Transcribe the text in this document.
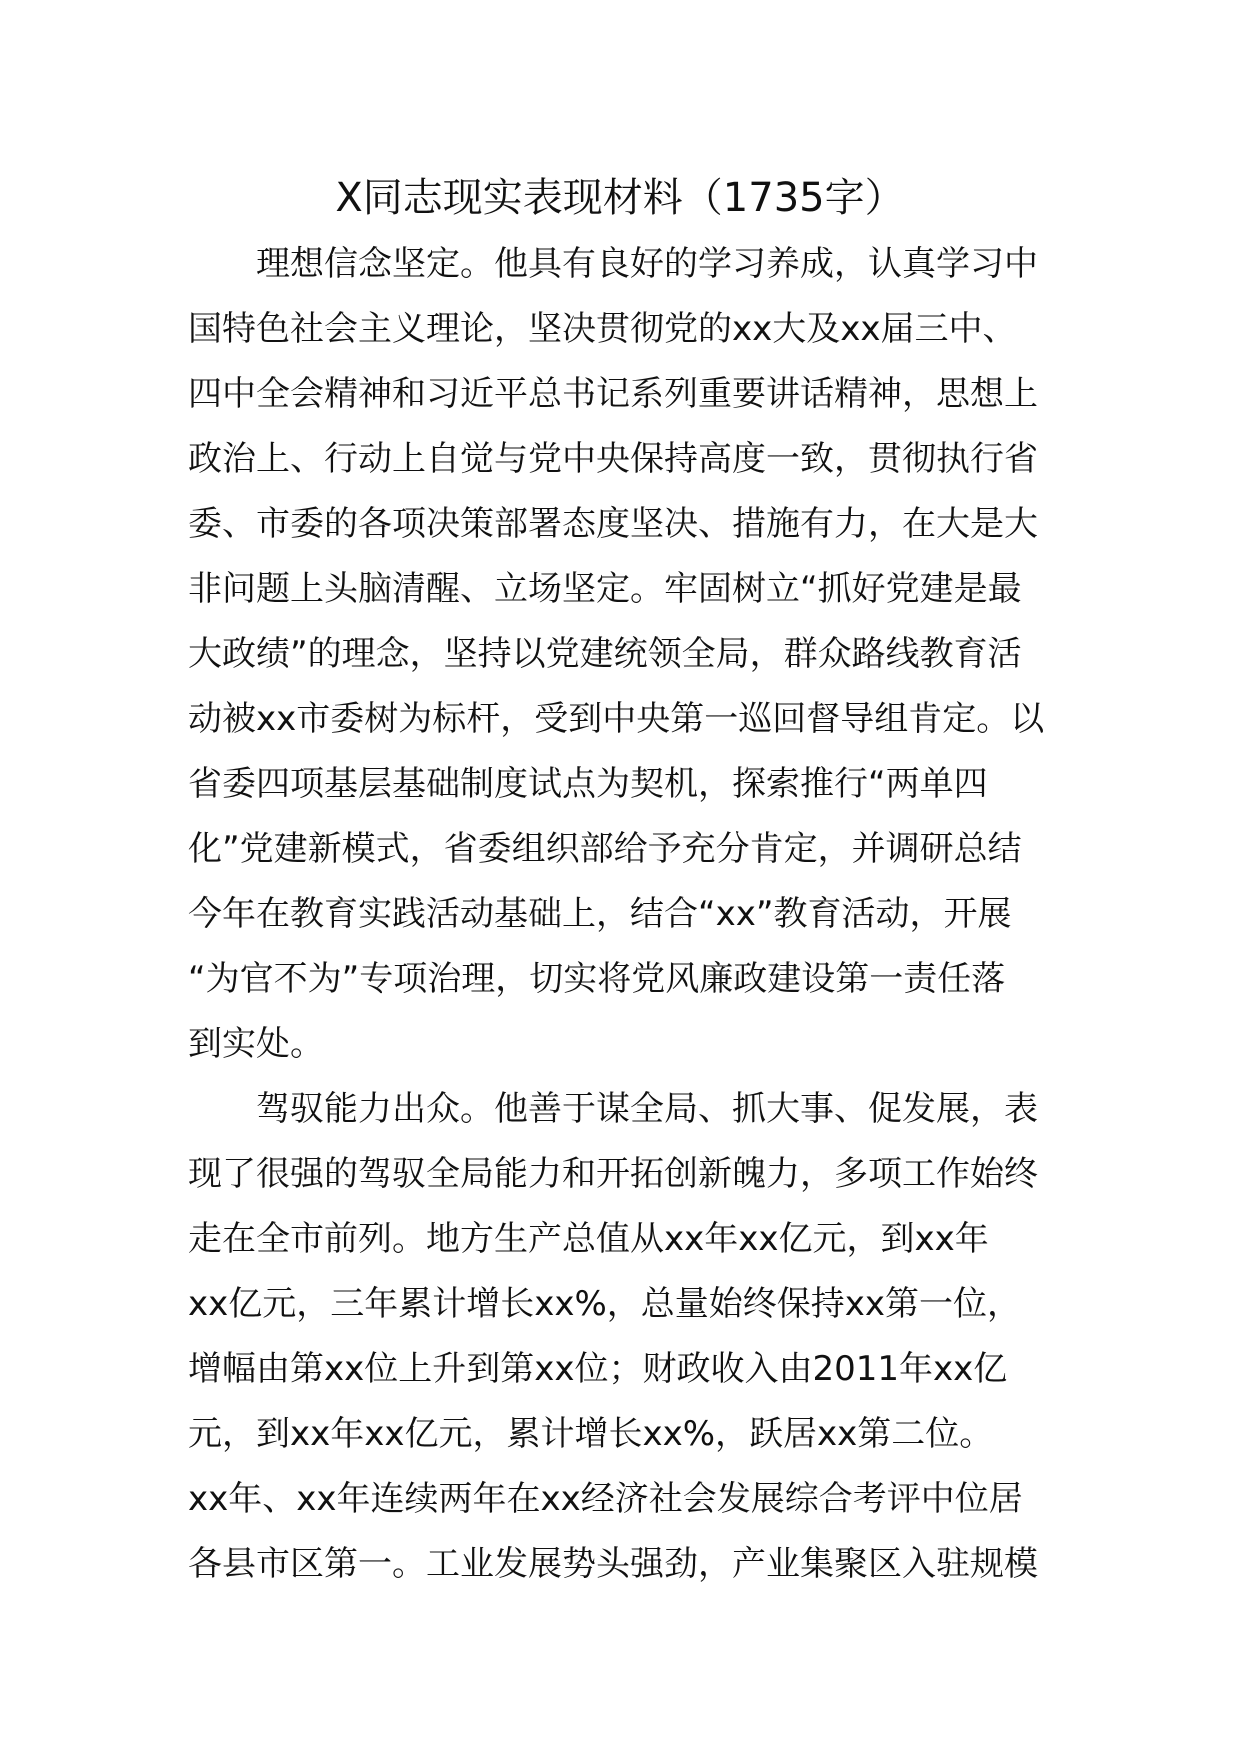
X同志现实表现材料（1735字）
理想信念坚定。他具有良好的学习养成，认真学习中
国特色社会主义理论，坚决贯彻党的xx大及xx届三中、
四中全会精神和习近平总书记系列重要讲话精神，思想上
政治上、行动上自觉与党中央保持高度一致，贯彻执行省
委、市委的各项决策部署态度坚决、措施有力，在大是大
非问题上头脑清醒、立场坚定。牢固树立“抓好党建是最
大政绩”的理念，坚持以党建统领全局，群众路线教育活
动被xx市委树为标杆，受到中央第一巡回督导组肯定。以
省委四项基层基础制度试点为契机，探索推行“两单四
化”党建新模式，省委组织部给予充分肯定，并调研总结
今年在教育实践活动基础上，结合“xx”教育活动，开展
“为官不为”专项治理，切实将党风廉政建设第一责任落
到实处。
驾驭能力出众。他善于谋全局、抓大事、促发展，表
现了很强的驾驭全局能力和开拓创新魄力，多项工作始终
走在全市前列。地方生产总值从xx年xx亿元，到xx年
xx亿元，三年累计增长xx%，总量始终保持xx第一位，
增幅由第xx位上升到第xx位；财政收入由2011年xx亿
元，到xx年xx亿元，累计增长xx%，跃居xx第二位。
xx年、xx年连续两年在xx经济社会发展综合考评中位居
各县市区第一。工业发展势头强劲，产业集聚区入驻规模
